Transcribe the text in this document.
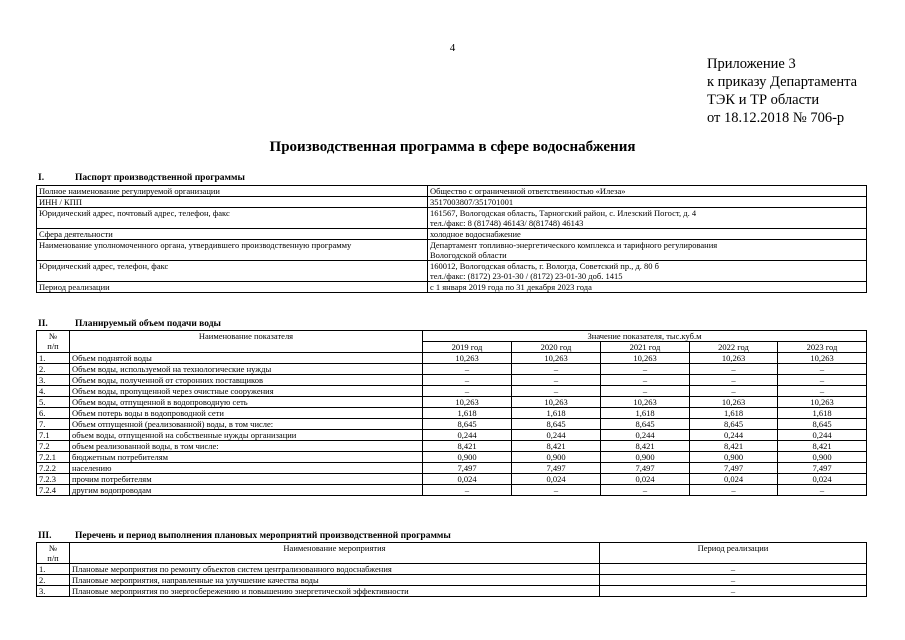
4
Приложение 3
к приказу Департамента
ТЭК и ТР области
от 18.12.2018 № 706-р
Производственная программа в сфере водоснабжения
I.	Паспорт производственной программы
Полное наименование регулируемой организации	Общество с ограниченной ответственностью «Илеза»

ИНН / КПП	3517003807/351701001

Юридический адрес, почтовый адрес, телефон, факс	161567, Вологодская область, Тарногский район, с. Илезский Погост, д. 4
тел./факс: 8 (81748) 46143/ 8(81748) 46143

Сфера деятельности	холодное водоснабжение

Наименование уполномоченного органа, утвердившего производственную программу	Департамент топливно-энергетического комплекса и тарифного регулирования
Вологодской области

Юридический адрес, телефон, факс	160012, Вологодская область, г. Вологда, Советский пр., д. 80 б
тел./факс: (8172) 23-01-30 / (8172) 23-01-30 доб. 1415

Период реализации	с 1 января 2019 года по 31 декабря 2023 года
II.	Планируемый объем подачи воды
№
п/п	Наименование показателя	Значение показателя, тыс.куб.м				
		2019 год	2020 год	2021 год	2022 год	2023 год
1.	Объем поднятой воды	10,263	10,263	10,263	10,263	10,263
2.	Объем воды, используемой на технологические нужды	–	–	–	–	–
3.	Объем воды, полученной от сторонних поставщиков	–	–	–	–	–
4.	Объем воды, пропущенной через очистные сооружения	–	–	–	–	–
5.	Объем воды, отпущенной в водопроводную сеть	10,263	10,263	10,263	10,263	10,263
6.	Объем потерь воды в водопроводной сети	1,618	1,618	1,618	1,618	1,618
7.	Объем отпущенной (реализованной) воды, в том числе:	8,645	8,645	8,645	8,645	8,645
7.1	объем воды, отпущенной на собственные нужды организации	0,244	0,244	0,244	0,244	0,244
7.2	объем реализованной воды, в том числе:	8,421	8,421	8,421	8,421	8,421
7.2.1	бюджетным потребителям	0,900	0,900	0,900	0,900	0,900
7.2.2	населению	7,497	7,497	7,497	7,497	7,497
7.2.3	прочим потребителям	0,024	0,024	0,024	0,024	0,024
7.2.4	другим водопроводам	–	–	–	–	–
III. Перечень и период выполнения плановых мероприятий производственной программы
№
п/п	Наименование мероприятия	Период реализации
1.	Плановые мероприятия по ремонту объектов систем централизованного водоснабжения	–
2.	Плановые мероприятия, направленные на улучшение качества воды	–
3.	Плановые мероприятия по энергосбережению и повышению энергетической эффективности	–
